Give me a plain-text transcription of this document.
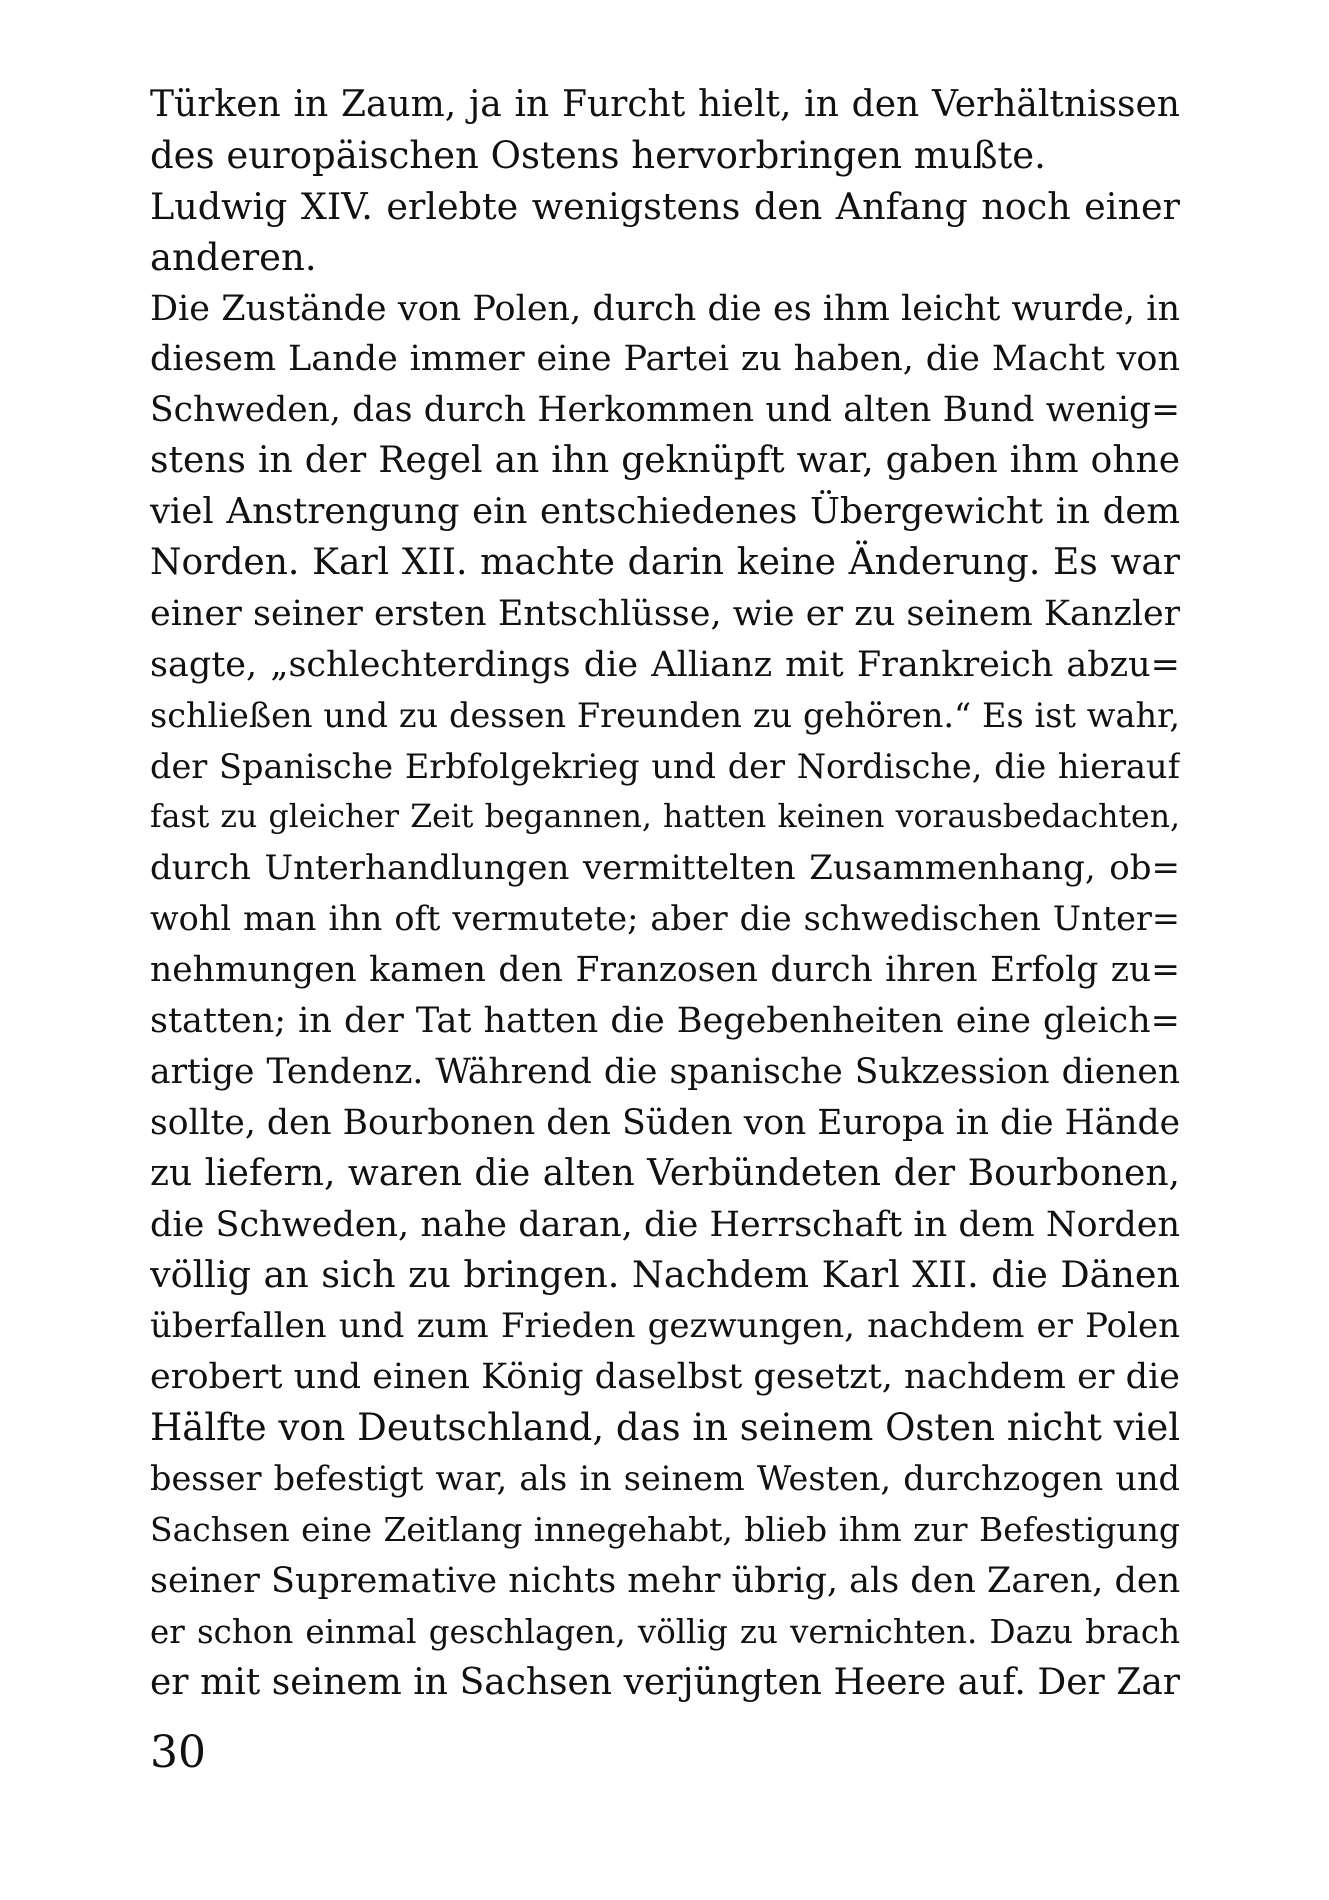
Türken in Zaum, ja in Furcht hielt, in den Verhältnissen
des europäischen Ostens hervorbringen mußte.
Ludwig XIV. erlebte wenigstens den Anfang noch einer
anderen.
Die Zustände von Polen, durch die es ihm leicht wurde, in
diesem Lande immer eine Partei zu haben, die Macht von
Schweden, das durch Herkommen und alten Bund wenig=
stens in der Regel an ihn geknüpft war, gaben ihm ohne
viel Anstrengung ein entschiedenes Übergewicht in dem
Norden. Karl XII. machte darin keine Änderung. Es war
einer seiner ersten Entschlüsse, wie er zu seinem Kanzler
sagte, „schlechterdings die Allianz mit Frankreich abzu=
schließen und zu dessen Freunden zu gehören.“ Es ist wahr,
der Spanische Erbfolgekrieg und der Nordische, die hierauf
fast zu gleicher Zeit begannen, hatten keinen vorausbedachten,
durch Unterhandlungen vermittelten Zusammenhang, ob=
wohl man ihn oft vermutete; aber die schwedischen Unter=
nehmungen kamen den Franzosen durch ihren Erfolg zu=
statten; in der Tat hatten die Begebenheiten eine gleich=
artige Tendenz. Während die spanische Sukzession dienen
sollte, den Bourbonen den Süden von Europa in die Hände
zu liefern, waren die alten Verbündeten der Bourbonen,
die Schweden, nahe daran, die Herrschaft in dem Norden
völlig an sich zu bringen. Nachdem Karl XII. die Dänen
überfallen und zum Frieden gezwungen, nachdem er Polen
erobert und einen König daselbst gesetzt, nachdem er die
Hälfte von Deutschland, das in seinem Osten nicht viel
besser befestigt war, als in seinem Westen, durchzogen und
Sachsen eine Zeitlang innegehabt, blieb ihm zur Befestigung
seiner Supremative nichts mehr übrig, als den Zaren, den
er schon einmal geschlagen, völlig zu vernichten. Dazu brach
er mit seinem in Sachsen verjüngten Heere auf. Der Zar
30
